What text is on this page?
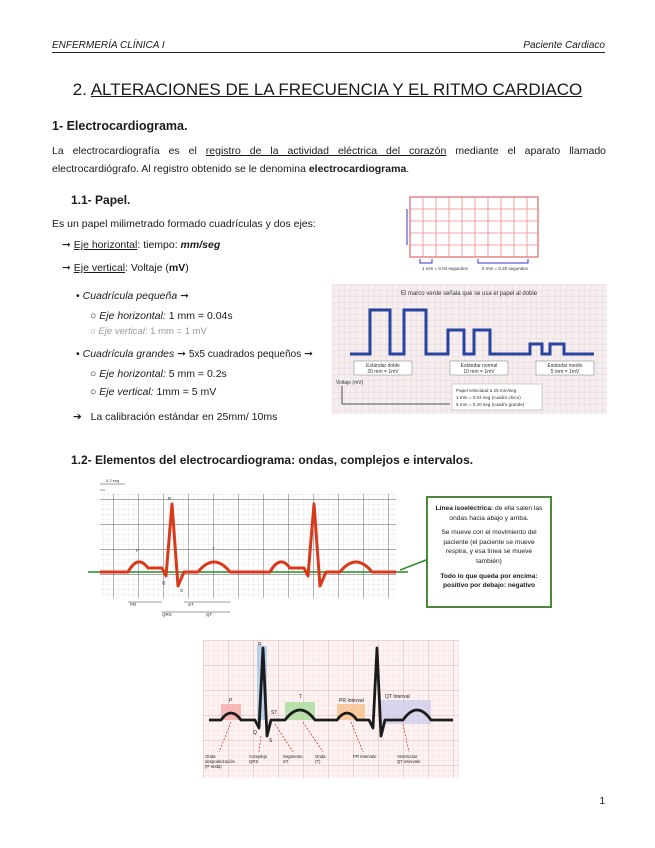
ENFERMERÍA CLÍNICA I	Paciente Cardiaco
2. ALTERACIONES DE LA FRECUENCIA Y EL RITMO CARDIACO
1- Electrocardiograma.
La electrocardiografía es el registro de la actividad eléctrica del corazón mediante el aparato llamado electrocardiógrafo. Al registro obtenido se le denomina electrocardiograma.
1.1- Papel.
Es un papel milimetrado formado cuadrículas y dos ejes:
➞ Eje horizontal: tiempo: mm/seg
➞ Eje vertical: Voltaje (mV)
• Cuadrícula pequeña ➞
○ Eje horizontal: 1 mm = 0.04s
○ Eje vertical: 1 mm = 1 mV
• Cuadrícula grandes ➞ 5x5 cuadrados pequeños ➞
○ Eje horizontal: 5 mm = 0.2s
○ Eje vertical: 1mm = 5 mV
➔ La calibración estándar en 25mm/ 10ms
1 mm = 0.04 segundos	5 mm = 0.20 segundos
El marco verde señala que se usa el papel al doble
Estándar doble
20 mm = 1mV
Estándar normal
10 mm = 1mV
Estándar medio
5 mm = 1mV
Voltaje (mV)
Papel velocidad a 25 mm/seg
1 mm = 0.04 seg (cuadro chico)
5 mm = 0.20 seg (cuadro grande)
1.2- Elementos del electrocardiograma: ondas, complejos e intervalos.
P
R
Q
S
T
PR	ST
QT
QRS
0.2 seg
Línea isoeléctrica: de ella salen las ondas hacia abajo y arriba.
Se mueve con el movimiento del paciente (el paciente se mueve respira, y esa línea se mueve también)
Todo lo que queda por encima: positivo por debajo: negativo
P
R
Q
S
T
ST
PR Interval
QT Interval
Onda
despolarización
(P-onda)
Complejo
QRS
Segmento
ST
Onda
(T)
PR intervalo	Ventricular
QT intervalo
1
